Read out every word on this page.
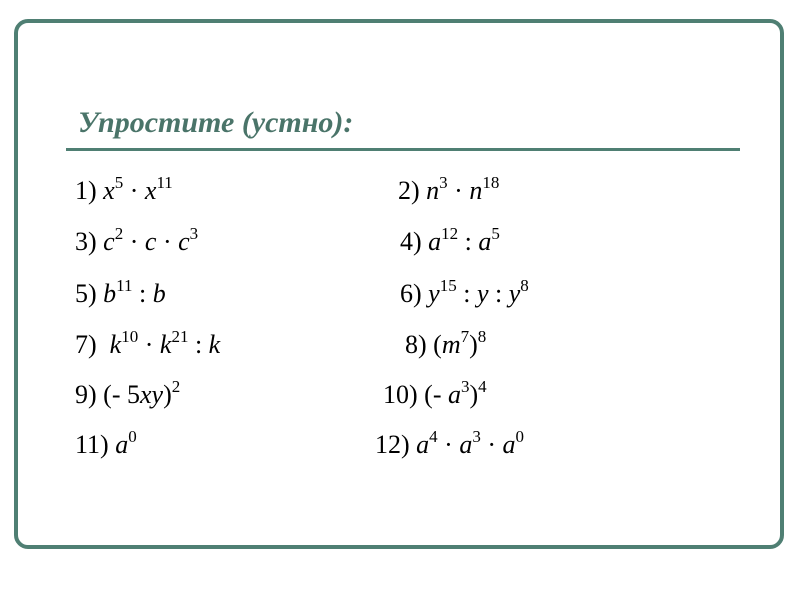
Упростите (устно):
1) $x^5 \cdot x^{11}$	2) $n^3 \cdot n^{18}$
3) $c^2 \cdot c \cdot c^3$	4) $a^{12}$ : $a^5$
5) $b^{11}$ : b	6) $y^{15}$ : y : $y^8$
7)  $k^{10} \cdot k^{21}$ : k	8) $(m^7)^8$
9) (- 5xy)$^2$	10) (- $a^3)^4$
11) $a^0$	12) $a^4 \cdot a^3 \cdot a^0$
